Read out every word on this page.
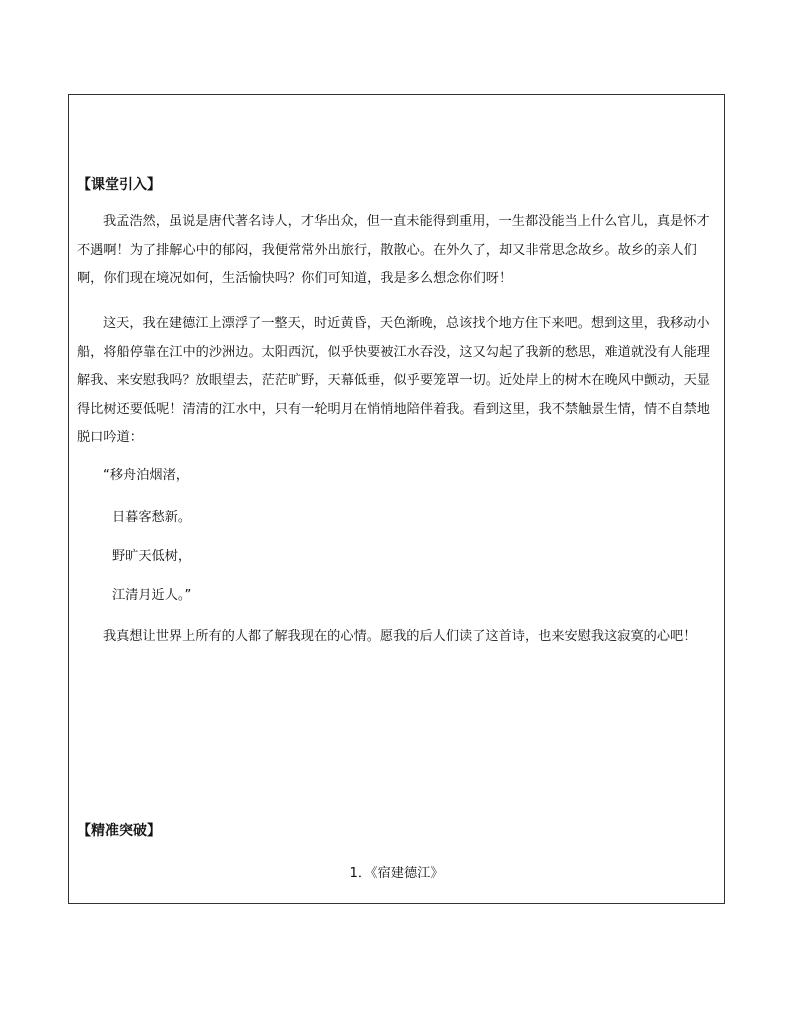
【课堂引入】

我孟浩然，虽说是唐代著名诗人，才华出众，但一直未能得到重用，一生都没能当上什么官儿，真是怀才不遇啊！为了排解心中的郁闷，我便常常外出旅行，散散心。在外久了，却又非常思念故乡。故乡的亲人们啊，你们现在境况如何，生活愉快吗？你们可知道，我是多么想念你们呀！

这天，我在建德江上漂浮了一整天，时近黄昏，天色渐晚，总该找个地方住下来吧。想到这里，我移动小船，将船停靠在江中的沙洲边。太阳西沉，似乎快要被江水吞没，这又勾起了我新的愁思，难道就没有人能理解我、来安慰我吗？放眼望去，茫茫旷野，天幕低垂，似乎要笼罩一切。近处岸上的树木在晚风中颤动，天显得比树还要低呢！清清的江水中，只有一轮明月在悄悄地陪伴着我。看到这里，我不禁触景生情，情不自禁地脱口吟道：

“移舟泊烟渚，
日暮客愁新。
野旷天低树，
江清月近人。”

我真想让世界上所有的人都了解我现在的心情。愿我的后人们读了这首诗，也来安慰我这寂寞的心吧！

【精准突破】
1．《宿建德江》
